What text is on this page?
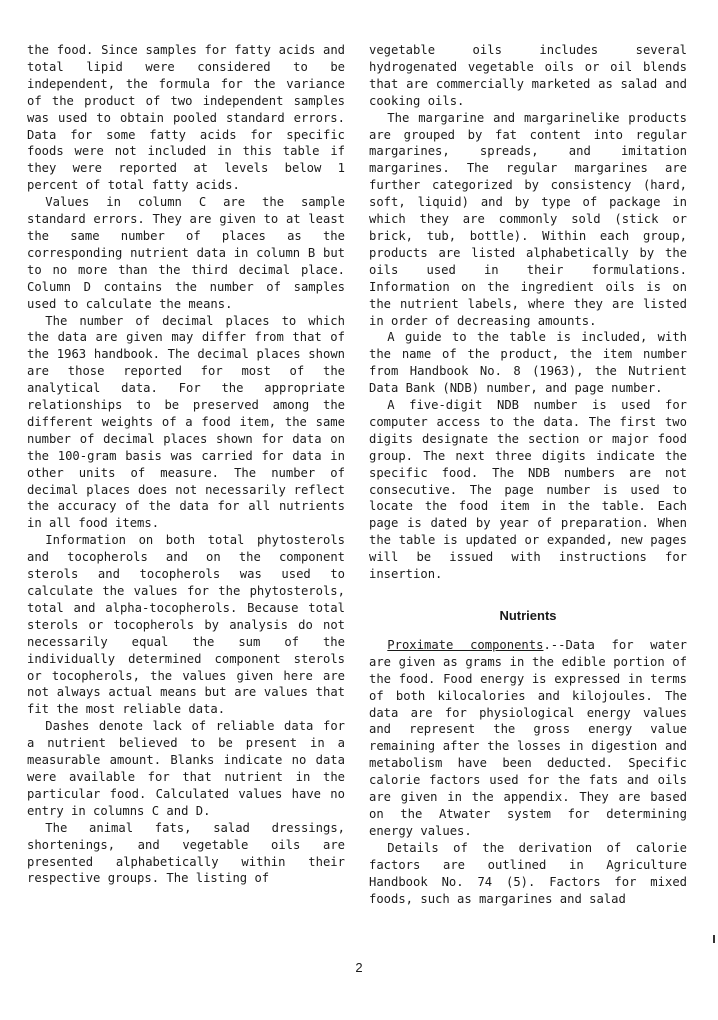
the food. Since samples for fatty acids and total lipid were considered to be independent, the formula for the variance of the product of two independent samples was used to obtain pooled standard errors. Data for some fatty acids for specific foods were not included in this table if they were reported at levels below 1 percent of total fatty acids.

Values in column C are the sample standard errors. They are given to at least the same number of places as the corresponding nutrient data in column B but to no more than the third decimal place. Column D contains the number of samples used to calculate the means.

The number of decimal places to which the data are given may differ from that of the 1963 handbook. The decimal places shown are those reported for most of the analytical data. For the appropriate relationships to be preserved among the different weights of a food item, the same number of decimal places shown for data on the 100-gram basis was carried for data in other units of measure. The number of decimal places does not necessarily reflect the accuracy of the data for all nutrients in all food items.

Information on both total phytosterols and tocopherols and on the component sterols and tocopherols was used to calculate the values for the phytosterols, total and alpha-tocopherols. Because total sterols or tocopherols by analysis do not necessarily equal the sum of the individually determined component sterols or tocopherols, the values given here are not always actual means but are values that fit the most reliable data.

Dashes denote lack of reliable data for a nutrient believed to be present in a measurable amount. Blanks indicate no data were available for that nutrient in the particular food. Calculated values have no entry in columns C and D.

The animal fats, salad dressings, shortenings, and vegetable oils are presented alphabetically within their respective groups. The listing of

vegetable oils includes several hydrogenated vegetable oils or oil blends that are commercially marketed as salad and cooking oils.

The margarine and margarinelike products are grouped by fat content into regular margarines, spreads, and imitation margarines. The regular margarines are further categorized by consistency (hard, soft, liquid) and by type of package in which they are commonly sold (stick or brick, tub, bottle). Within each group, products are listed alphabetically by the oils used in their formulations. Information on the ingredient oils is on the nutrient labels, where they are listed in order of decreasing amounts.

A guide to the table is included, with the name of the product, the item number from Handbook No. 8 (1963), the Nutrient Data Bank (NDB) number, and page number.

A five-digit NDB number is used for computer access to the data. The first two digits designate the section or major food group. The next three digits indicate the specific food. The NDB numbers are not consecutive. The page number is used to locate the food item in the table. Each page is dated by year of preparation. When the table is updated or expanded, new pages will be issued with instructions for insertion.

Nutrients

Proximate components.--Data for water are given as grams in the edible portion of the food. Food energy is expressed in terms of both kilocalories and kilojoules. The data are for physiological energy values and represent the gross energy value remaining after the losses in digestion and metabolism have been deducted. Specific calorie factors used for the fats and oils are given in the appendix. They are based on the Atwater system for determining energy values.

Details of the derivation of calorie factors are outlined in Agriculture Handbook No. 74 (5). Factors for mixed foods, such as margarines and salad

2
